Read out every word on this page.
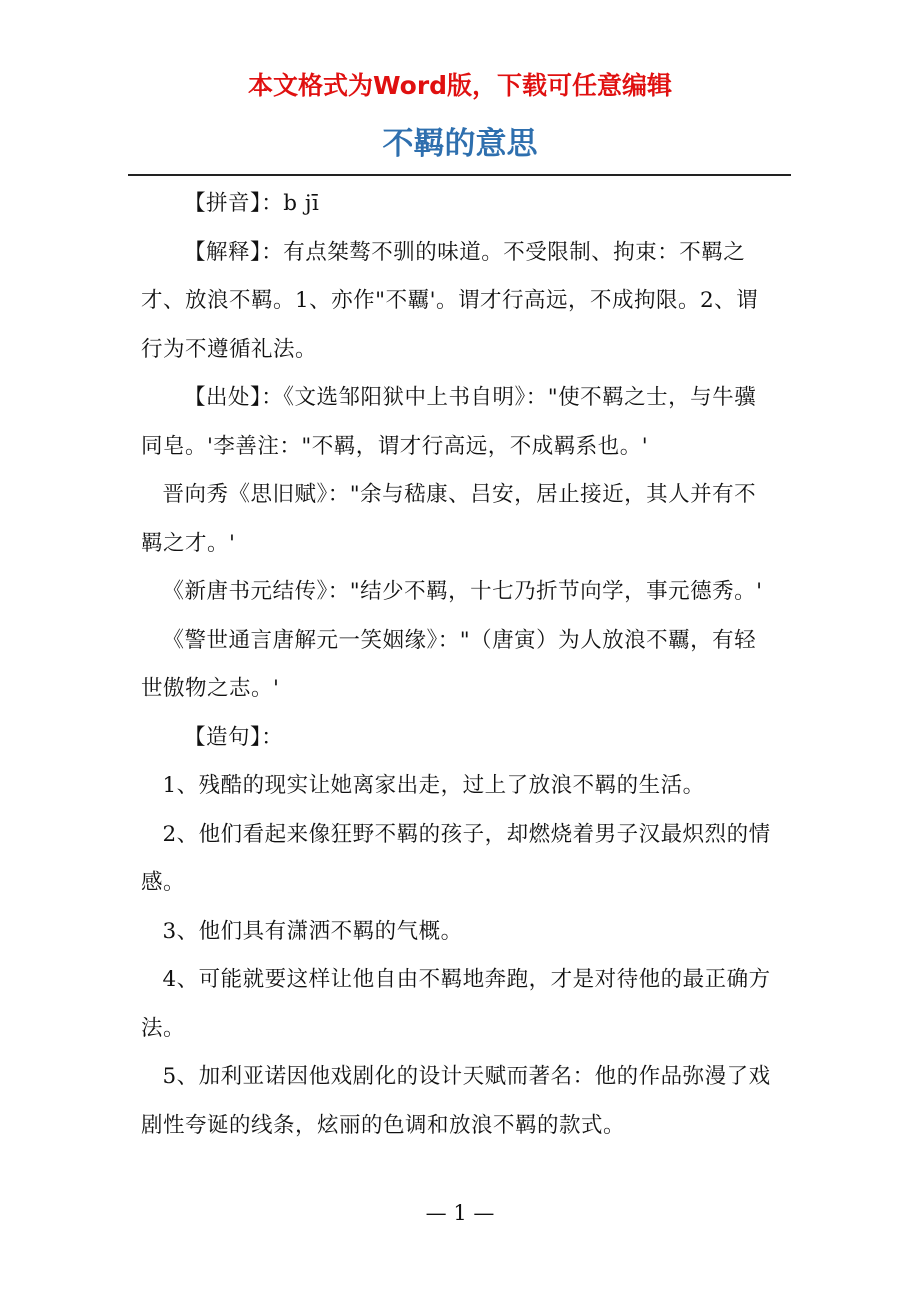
本文格式为Word版，下载可任意编辑
不羁的意思

【拼音】：b jī

【解释】：有点桀骜不驯的味道。不受限制、拘束：不羁之才、放浪不羁。1、亦作"不覊'。谓才行高远，不成拘限。2、谓行为不遵循礼法。

【出处】：《文选邹阳狱中上书自明》："使不羁之士，与牛骥同皂。'李善注："不羁，谓才行高远，不成羁系也。'

晋向秀《思旧赋》："余与嵇康、吕安，居止接近，其人并有不羁之才。'

《新唐书元结传》："结少不羁，十七乃折节向学，事元德秀。'

《警世通言唐解元一笑姻缘》："（唐寅）为人放浪不覊，有轻世傲物之志。'

【造句】：

1、残酷的现实让她离家出走，过上了放浪不羁的生活。

2、他们看起来像狂野不羁的孩子，却燃烧着男子汉最炽烈的情感。

3、他们具有潇洒不羁的气概。

4、可能就要这样让他自由不羁地奔跑，才是对待他的最正确方法。

5、加利亚诺因他戏剧化的设计天赋而著名：他的作品弥漫了戏剧性夸诞的线条，炫丽的色调和放浪不羁的款式。

— 1 —
